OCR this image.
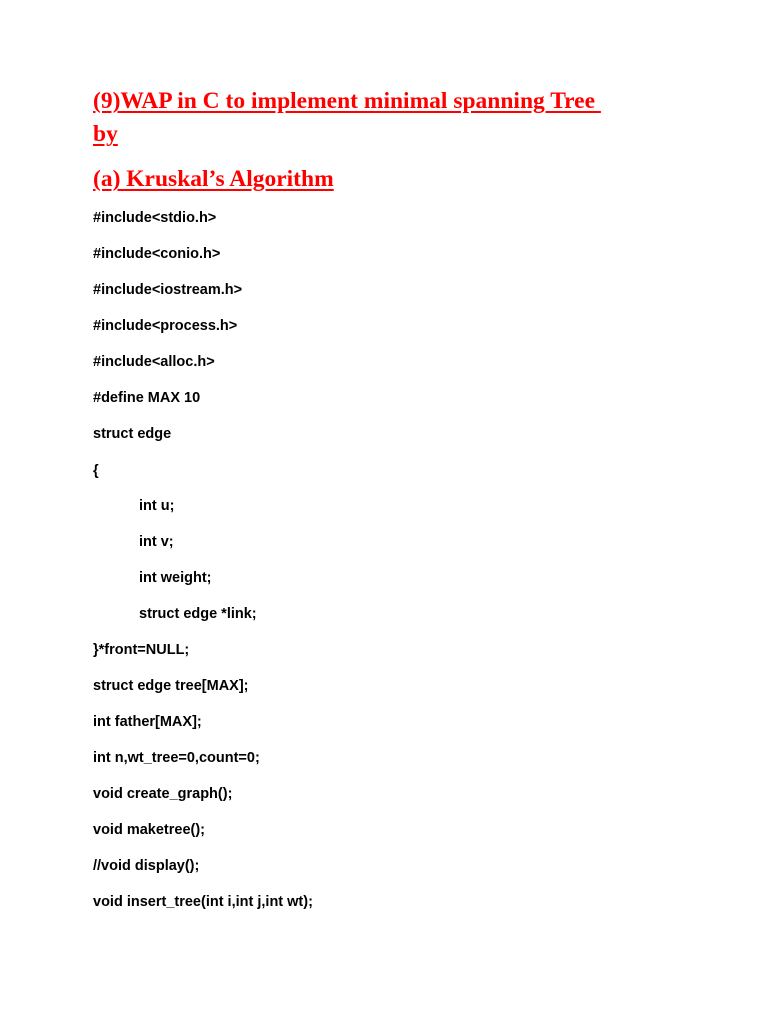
(9)WAP in C to implement minimal spanning Tree
by
(a) Kruskal’s Algorithm
#include<stdio.h>
#include<conio.h>
#include<iostream.h>
#include<process.h>
#include<alloc.h>
#define MAX 10
struct edge
{
int u;
int v;
int weight;
struct edge *link;
}*front=NULL;
struct edge tree[MAX];
int father[MAX];
int n,wt_tree=0,count=0;
void create_graph();
void maketree();
//void display();
void insert_tree(int i,int j,int wt);
